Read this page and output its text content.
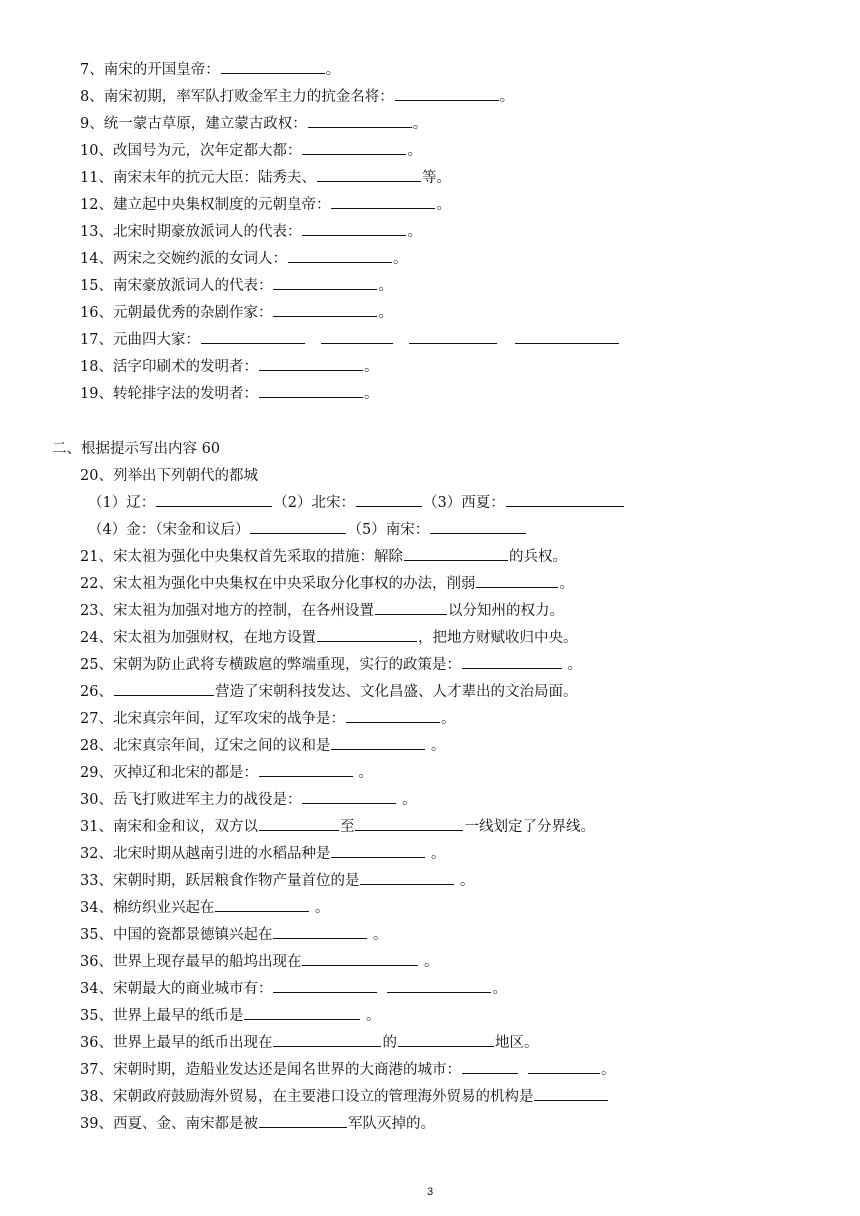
7、南宋的开国皇帝：	。
8、南宋初期，率军队打败金军主力的抗金名将：	。
9、统一蒙古草原，建立蒙古政权：	。
10、改国号为元，次年定都大都：	。
11、南宋末年的抗元大臣：陆秀夫、	等。
12、建立起中央集权制度的元朝皇帝：	。
13、北宋时期豪放派词人的代表：	。
14、两宋之交婉约派的女词人：	。
15、南宋豪放派词人的代表：	。
16、元朝最优秀的杂剧作家：	。
17、元曲四大家：
18、活字印刷术的发明者：	。
19、转轮排字法的发明者：	。
二、根据提示写出内容 60
20、列举出下列朝代的都城
（1）辽：	（2）北宋：	（3）西夏：
（4）金：（宋金和议后）	（5）南宋：
21、宋太祖为强化中央集权首先采取的措施：解除	的兵权。
22、宋太祖为强化中央集权在中央采取分化事权的办法，削弱	。
23、宋太祖为加强对地方的控制，在各州设置	以分知州的权力。
24、宋太祖为加强财权，在地方设置	，把地方财赋收归中央。
25、宋朝为防止武将专横跋扈的弊端重现，实行的政策是：	。
26、	营造了宋朝科技发达、文化昌盛、人才辈出的文治局面。
27、北宋真宗年间，辽军攻宋的战争是：	。
28、北宋真宗年间，辽宋之间的议和是	。
29、灭掉辽和北宋的都是：	。
30、岳飞打败进军主力的战役是：	。
31、南宋和金和议，双方以	至	一线划定了分界线。
32、北宋时期从越南引进的水稻品种是	。
33、宋朝时期，跃居粮食作物产量首位的是	。
34、棉纺织业兴起在	。
35、中国的瓷都景德镇兴起在	。
36、世界上现存最早的船坞出现在	。
34、宋朝最大的商业城市有：	。
35、世界上最早的纸币是	。
36、世界上最早的纸币出现在	的	地区。
37、宋朝时期，造船业发达还是闻名世界的大商港的城市：	。
38、宋朝政府鼓励海外贸易，在主要港口设立的管理海外贸易的机构是
39、西夏、金、南宋都是被	军队灭掉的。
3
